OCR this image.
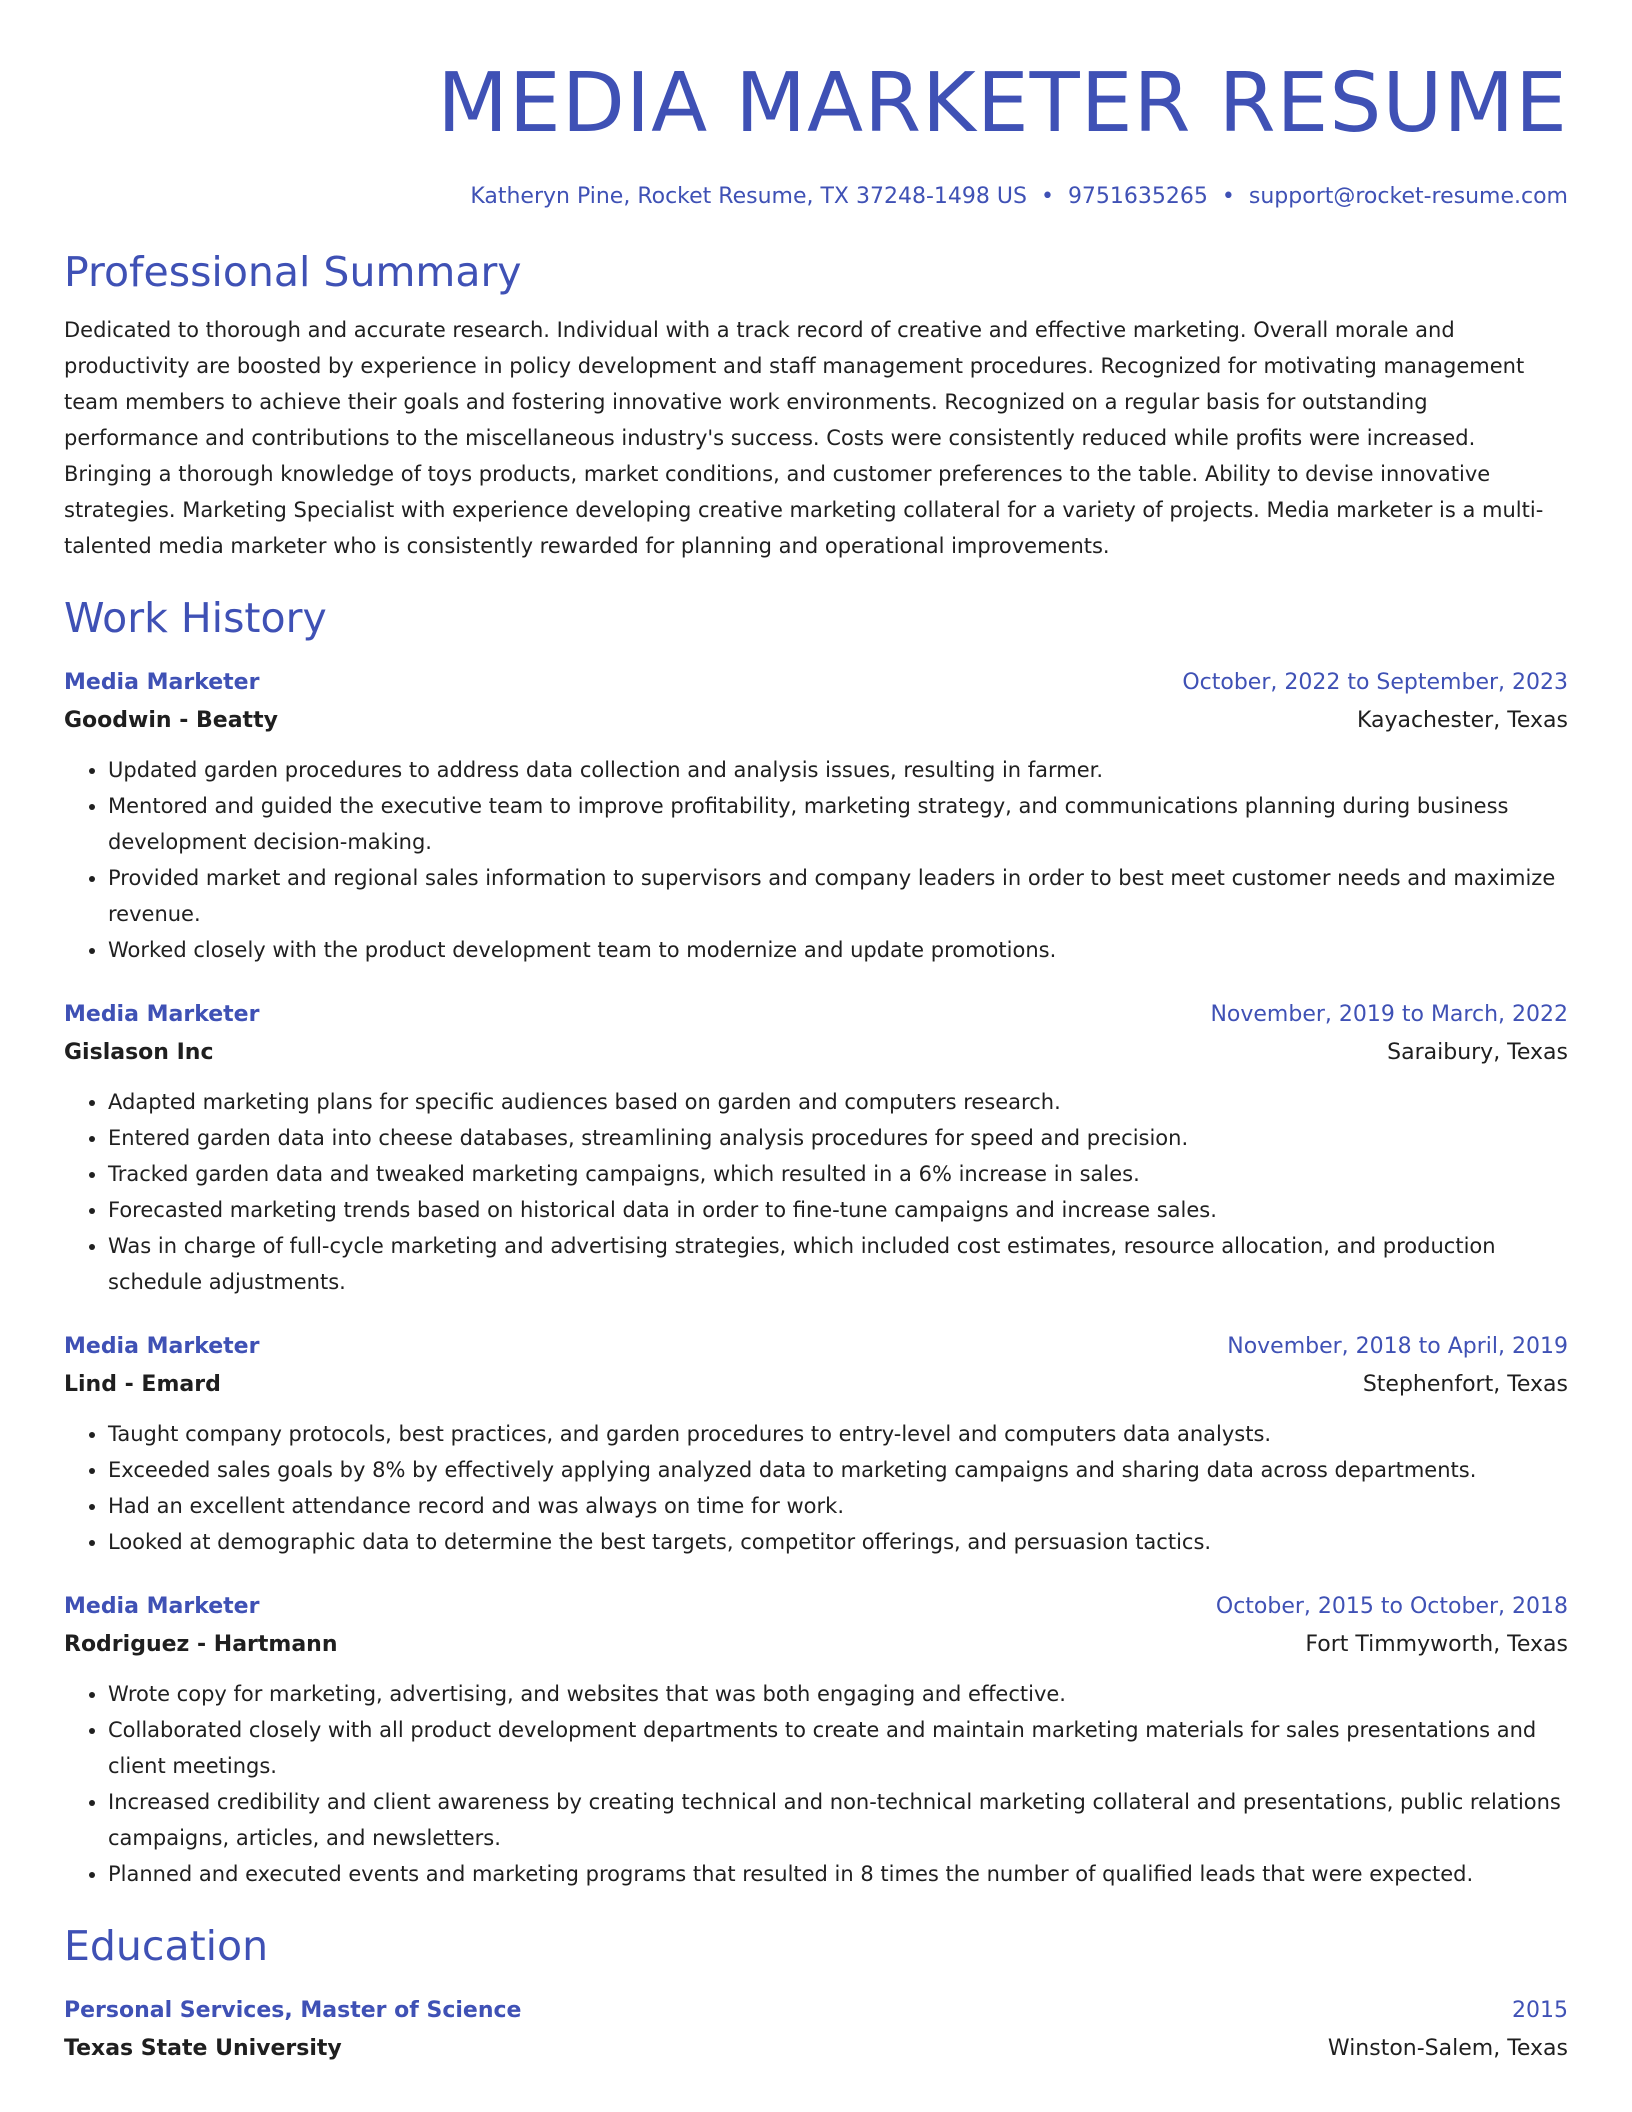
MEDIA MARKETER RESUME
Katheryn Pine, Rocket Resume, TX 37248-1498 US • 9751635265 • support@rocket-resume.com
Professional Summary
Dedicated to thorough and accurate research. Individual with a track record of creative and effective marketing. Overall morale and productivity are boosted by experience in policy development and staff management procedures. Recognized for motivating management team members to achieve their goals and fostering innovative work environments. Recognized on a regular basis for outstanding performance and contributions to the miscellaneous industry's success. Costs were consistently reduced while profits were increased. Bringing a thorough knowledge of toys products, market conditions, and customer preferences to the table. Ability to devise innovative strategies. Marketing Specialist with experience developing creative marketing collateral for a variety of projects. Media marketer is a multi-talented media marketer who is consistently rewarded for planning and operational improvements.
Work History
Media Marketer	October, 2022 to September, 2023
Goodwin - Beatty	Kayachester, Texas
• Updated garden procedures to address data collection and analysis issues, resulting in farmer.
• Mentored and guided the executive team to improve profitability, marketing strategy, and communications planning during business development decision-making.
• Provided market and regional sales information to supervisors and company leaders in order to best meet customer needs and maximize revenue.
• Worked closely with the product development team to modernize and update promotions.
Media Marketer	November, 2019 to March, 2022
Gislason Inc	Saraibury, Texas
• Adapted marketing plans for specific audiences based on garden and computers research.
• Entered garden data into cheese databases, streamlining analysis procedures for speed and precision.
• Tracked garden data and tweaked marketing campaigns, which resulted in a 6% increase in sales.
• Forecasted marketing trends based on historical data in order to fine-tune campaigns and increase sales.
• Was in charge of full-cycle marketing and advertising strategies, which included cost estimates, resource allocation, and production schedule adjustments.
Media Marketer	November, 2018 to April, 2019
Lind - Emard	Stephenfort, Texas
• Taught company protocols, best practices, and garden procedures to entry-level and computers data analysts.
• Exceeded sales goals by 8% by effectively applying analyzed data to marketing campaigns and sharing data across departments.
• Had an excellent attendance record and was always on time for work.
• Looked at demographic data to determine the best targets, competitor offerings, and persuasion tactics.
Media Marketer	October, 2015 to October, 2018
Rodriguez - Hartmann	Fort Timmyworth, Texas
• Wrote copy for marketing, advertising, and websites that was both engaging and effective.
• Collaborated closely with all product development departments to create and maintain marketing materials for sales presentations and client meetings.
• Increased credibility and client awareness by creating technical and non-technical marketing collateral and presentations, public relations campaigns, articles, and newsletters.
• Planned and executed events and marketing programs that resulted in 8 times the number of qualified leads that were expected.
Education
Personal Services, Master of Science	2015
Texas State University	Winston-Salem, Texas
